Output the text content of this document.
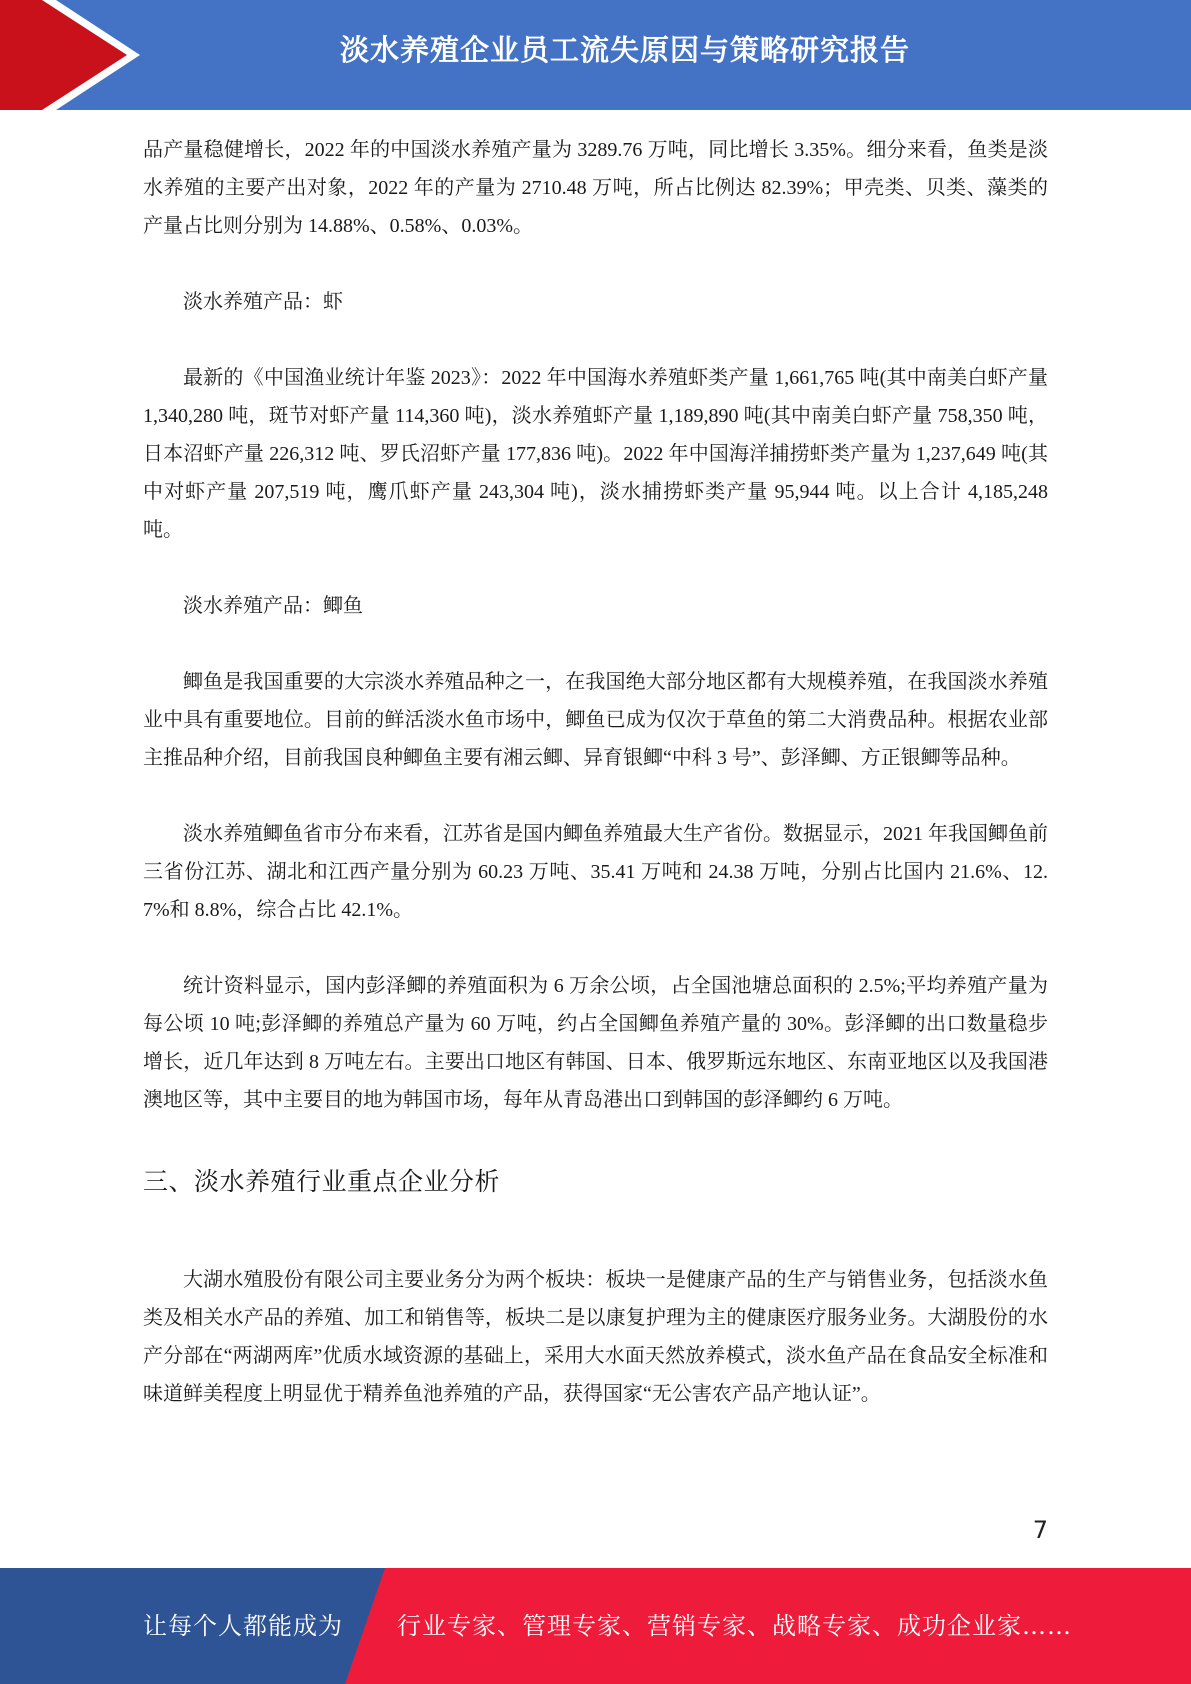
淡水养殖企业员工流失原因与策略研究报告

品产量稳健增长，2022 年的中国淡水养殖产量为 3289.76 万吨，同比增长 3.35%。细分来看，鱼类是淡水养殖的主要产出对象，2022 年的产量为 2710.48 万吨，所占比例达 82.39%；甲壳类、贝类、藻类的产量占比则分别为 14.88%、0.58%、0.03%。

淡水养殖产品：虾

最新的《中国渔业统计年鉴 2023》：2022 年中国海水养殖虾类产量 1,661,765 吨(其中南美白虾产量 1,340,280 吨，斑节对虾产量 114,360 吨)，淡水养殖虾产量 1,189,890 吨(其中南美白虾产量 758,350 吨，日本沼虾产量 226,312 吨、罗氏沼虾产量 177,836 吨)。2022 年中国海洋捕捞虾类产量为 1,237,649 吨(其中对虾产量 207,519 吨，鹰爪虾产量 243,304 吨)，淡水捕捞虾类产量 95,944 吨。以上合计 4,185,248 吨。

淡水养殖产品：鲫鱼

鲫鱼是我国重要的大宗淡水养殖品种之一，在我国绝大部分地区都有大规模养殖，在我国淡水养殖业中具有重要地位。目前的鲜活淡水鱼市场中，鲫鱼已成为仅次于草鱼的第二大消费品种。根据农业部主推品种介绍，目前我国良种鲫鱼主要有湘云鲫、异育银鲫“中科 3 号”、彭泽鲫、方正银鲫等品种。

淡水养殖鲫鱼省市分布来看，江苏省是国内鲫鱼养殖最大生产省份。数据显示，2021 年我国鲫鱼前三省份江苏、湖北和江西产量分别为 60.23 万吨、35.41 万吨和 24.38 万吨，分别占比国内 21.6%、12.7%和 8.8%，综合占比 42.1%。

统计资料显示，国内彭泽鲫的养殖面积为 6 万余公顷，占全国池塘总面积的 2.5%;平均养殖产量为每公顷 10 吨;彭泽鲫的养殖总产量为 60 万吨，约占全国鲫鱼养殖产量的 30%。彭泽鲫的出口数量稳步增长，近几年达到 8 万吨左右。主要出口地区有韩国、日本、俄罗斯远东地区、东南亚地区以及我国港澳地区等，其中主要目的地为韩国市场，每年从青岛港出口到韩国的彭泽鲫约 6 万吨。

三、淡水养殖行业重点企业分析

大湖水殖股份有限公司主要业务分为两个板块：板块一是健康产品的生产与销售业务，包括淡水鱼类及相关水产品的养殖、加工和销售等，板块二是以康复护理为主的健康医疗服务业务。大湖股份的水产分部在“两湖两库”优质水域资源的基础上，采用大水面天然放养模式，淡水鱼产品在食品安全标准和味道鲜美程度上明显优于精养鱼池养殖的产品，获得国家“无公害农产品产地认证”。

7
让每个人都能成为 行业专家、管理专家、营销专家、战略专家、成功企业家……
